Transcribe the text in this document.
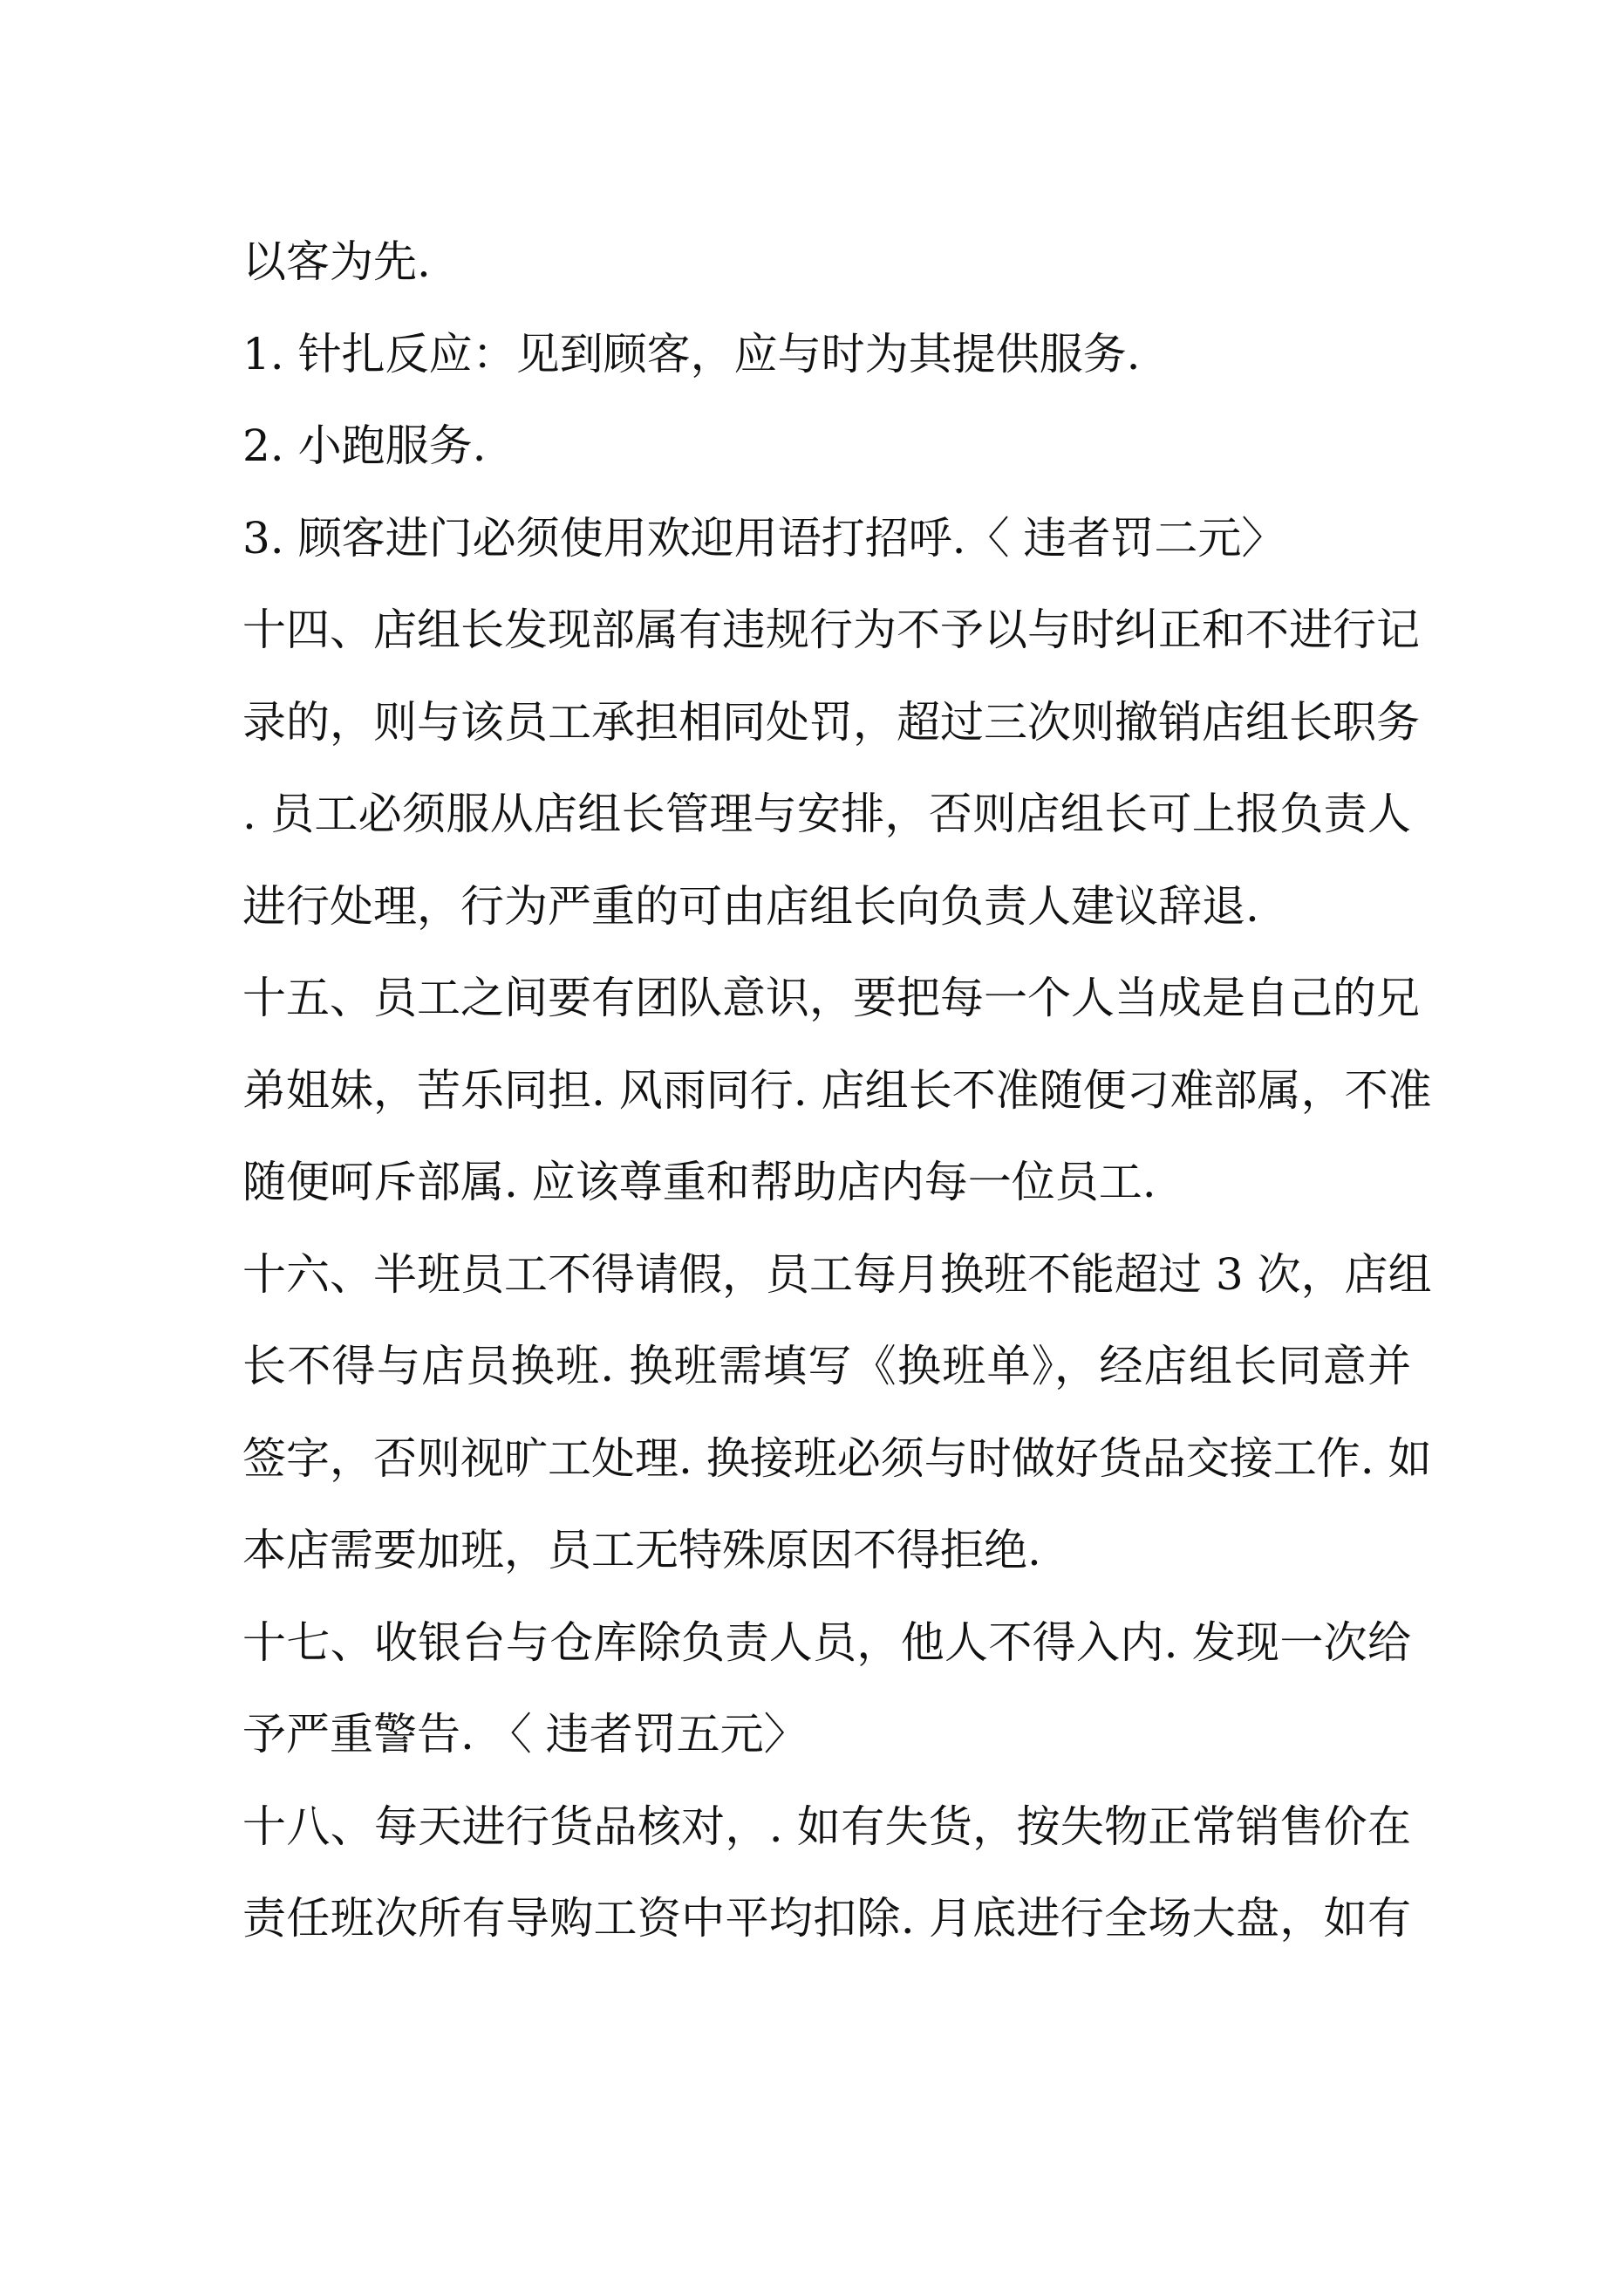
以客为先.

1. 针扎反应：见到顾客，应与时为其提供服务.

2. 小跑服务.

3. 顾客进门必须使用欢迎用语打招呼.〈 违者罚二元〉

十四、店组长发现部属有违规行为不予以与时纠正和不进行记
录的，则与该员工承担相同处罚，超过三次则撤销店组长职务
. 员工必须服从店组长管理与安排，否则店组长可上报负责人
进行处理，行为严重的可由店组长向负责人建议辞退.

十五、员工之间要有团队意识，要把每一个人当成是自己的兄
弟姐妹，苦乐同担. 风雨同行. 店组长不准随便刁难部属，不准
随便呵斥部属. 应该尊重和帮助店内每一位员工.

十六、半班员工不得请假，员工每月换班不能超过 3 次，店组
长不得与店员换班. 换班需填写《换班单》，经店组长同意并
签字，否则视旷工处理. 换接班必须与时做好货品交接工作. 如
本店需要加班，员工无特殊原因不得拒绝.

十七、收银台与仓库除负责人员，他人不得入内. 发现一次给
予严重警告. 〈 违者罚五元〉

十八、每天进行货品核对，. 如有失货，按失物正常销售价在
责任班次所有导购工资中平均扣除. 月底进行全场大盘，如有
